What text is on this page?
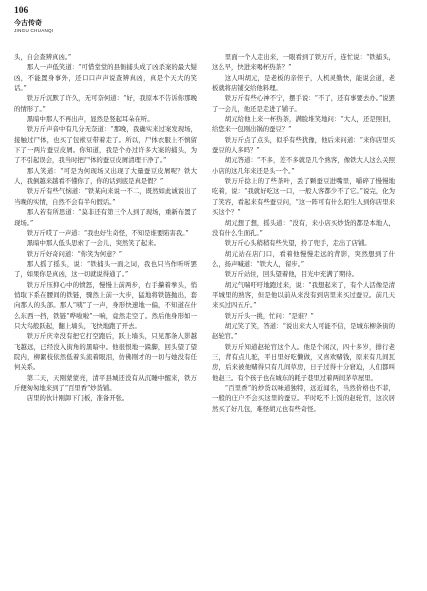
106
今古传奇
JINGU CHUANQI

头，自会查辨真凶。”

那人一声低笑道：“可惜堂堂的县衙捕头成了凶杀案的最大疑凶，不能置身事外，还口口声声说查辨真凶，真是个天大的笑话。”

铁万斤沉默了许久，无可奈何道：“好，我原本不告诉你那晚的情形了。”

黑暗中那人不再出声，显然是竖起耳朵在听。

铁万斤声音中有几分无奈道：“那晚，我确实来过案发现场，接触过尸体，也买了包袱豆带着走了。所以，尸体衣服上不慎留下了一两片蚕豆皮屑。你知道，我是个办过许多大案的捕头，为了不引起误会，我当时把尸体的蚕豆皮屑清理干净了。”

那人笑道：“可是为何现场又出现了大量蚕豆皮屑呢？铁大人，我倒越来越看不懂你了，你的话到底是真是假？”

铁万斤有些气恼道：“铁某向来说一不二，既然如此诚说出了当晚的实情，自然不会有半句假话。”

那人若有所思道：“莫非还有第三个人到了现场，重新布置了现场。”

铁万斤哎了一声道：“我也好生奇怪，不知是谁要陷害我。”

黑暗中那人低头思索了一会儿，突然笑了起来。

铁万斤好奇问道：“你笑为何意？”

那人摇了摇头，说：“铁捕头一面之词，我也只当作听听罢了，如果你是真凶，这一切就说得通了。”

铁万斤压抑心中的愤怒，慢慢上前两步，右手攥着拳头，悄悄取下系在腰间的铁链，骤然上前一大步，猛地将铁链抛出，套向那人的头部。那人“咦”了一声，身形快速地一偏，不知道在什么东西一挡，铁链“哗啦啦”一响，竟然走空了。然后他身形如一只大鸟般跃起，翻上墙头，飞快地跑了开去。

铁万斤庆幸没有把它打空跑后，跃上墙头，只见那条人影越飞越远，已经没入街角的黑暗中。他很恨地一跺脚，回头望了望院内，柳絮枝依然低着头流着眼泪，仿佛刚才的一切与她没有任何关系。

第二天，天刚蒙蒙亮，清平县城还没有从沉睡中醒来，铁万斤便匆匆地来到了“百里香”炒货铺。

店里的伙计刚卸下门板，准备开张。

里面一个人走出来，一眼看到了铁万斤，连忙说：“铁捕头，这么早，快进来喝杯热茶？”

这人叫胡元，是老板的亲侄子，人机灵勤快，能说会道，老板就将店铺交给他料理。

铁万斤有些心神不宁，摆手说：“不了，还有事要去办。”说罢了一会儿，他还是走进了铺子。

胡元给他上来一杯热茶，满脸堆笑地问：“大人，还是照旧，给您来一包刚出锅的蚕豆？”

铁万斤点了点头，似乎有些犹豫，他后来问道：“来你店里买蚕豆的人多吗？”

胡元答道：“不多，差不多就是几个熟客，像铁大人这么关照小店的这几年来还是头一个。”

铁万斤捻上的了些茶叶，丢了颗蚕豆进嘴里，嚼碎了慢慢地吃着，说：“我就好吃这一口，一般人客都少不了它。”说完，化为了笑容，看起来有些蚕豆问，“这一阵可有什么陌生人到你店里来买这个？”

胡元想了想，摇头道：“没有，来小店买炒货的都是本地人，没有什么生面孔。”

铁万斤心头稍稍有些失望，拎了兜手，走出了店铺。

胡元站在店门口，看着他慢慢走远的背影，突然想到了什么，扬声喊道：“铁大人，留步。”

铁万斤站住，回头望着他，目光中充满了期待。

胡元气喘吁吁地跑过来，说：“我想起来了，有个人活像是清平城里的熟客，但是他以前从来没有到店里来买过蚕豆。前几天来买过四五斤。”

铁万斤头一挑，忙问：“是谁？”

胡元笑了笑，答道：“说出来大人可能不信，是城东柳条街的赵轮官。”

铁万斤知道赵轮官这个人。他是个闲汉，四十多岁，排行老三，背有点儿驼，平日里好吃懒做，又喜欢赌钱，原来有几间瓦房，后来被他赌得只有几间草房，日子过得十分窘迫，人们都叫他赵三。有个孩子也在城东的耗子巷里过着两间茅草屋里。

“百里香”的炒货以味道独特，远近闻名，当然价格也不菲，一般的庄户不会买这里的蚕豆。平时吃不上饭的赵轮官，这次居然买了好几包，难怪胡元也有些奇怪。
